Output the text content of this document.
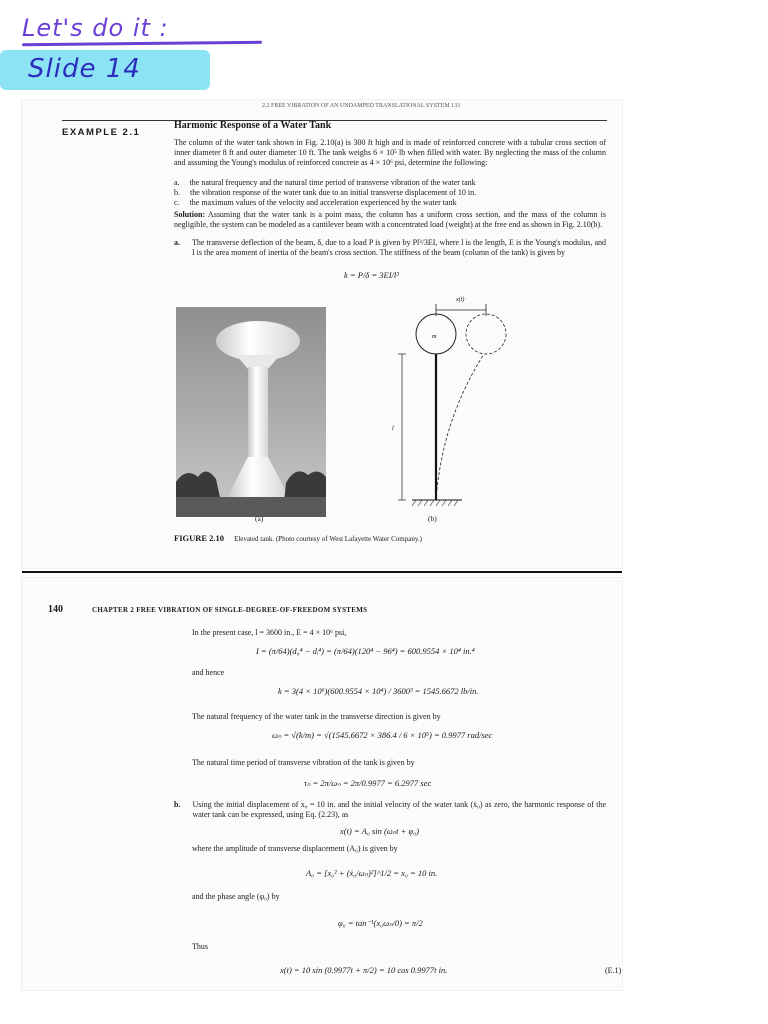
Let's do it :
Slide 14
2.2 FREE VIBRATION OF AN UNDAMPED TRANSLATIONAL SYSTEM 133
EXAMPLE 2.1
Harmonic Response of a Water Tank
The column of the water tank shown in Fig. 2.10(a) is 300 ft high and is made of reinforced concrete with a tubular cross section of inner diameter 8 ft and outer diameter 10 ft. The tank weighs 6 × 10⁵ lb when filled with water. By neglecting the mass of the column and assuming the Young's modulus of reinforced concrete as 4 × 10⁶ psi, determine the following:
a. the natural frequency and the natural time period of transverse vibration of the water tank
b. the vibration response of the water tank due to an initial transverse displacement of 10 in.
c. the maximum values of the velocity and acceleration experienced by the water tank
Solution: Assuming that the water tank is a point mass, the column has a uniform cross section, and the mass of the column is negligible, the system can be modeled as a cantilever beam with a concentrated load (weight) at the free end as shown in Fig. 2.10(b).
a. The transverse deflection of the beam, δ, due to a load P is given by Pl³/3EI, where l is the length, E is the Young's modulus, and I is the area moment of inertia of the beam's cross section. The stiffness of the beam (column of the tank) is given by
k = P/δ = 3EI/l³
(a)
x(t)
m
l
(b)
FIGURE 2.10 Elevated tank. (Photo courtesy of West Lafayette Water Company.)
140	CHAPTER 2 FREE VIBRATION OF SINGLE-DEGREE-OF-FREEDOM SYSTEMS
In the present case, l = 3600 in., E = 4 × 10⁶ psi,
I = (π/64)(d₀⁴ − dᵢ⁴) = (π/64)(120⁴ − 96⁴) = 600.9554 × 10⁴ in.⁴
and hence
k = 3(4 × 10⁶)(600.9554 × 10⁴) / 3600³ = 1545.6672 lb/in.
The natural frequency of the water tank in the transverse direction is given by
ωₙ = √(k/m) = √(1545.6672 × 386.4 / 6 × 10⁵) = 0.9977 rad/sec
The natural time period of transverse vibration of the tank is given by
τₙ = 2π/ωₙ = 2π/0.9977 = 6.2977 sec
b. Using the initial displacement of x₀ = 10 in. and the initial velocity of the water tank (ẋ₀) as zero, the harmonic response of the water tank can be expressed, using Eq. (2.23), as
x(t) = A₀ sin (ωₙt + φ₀)
where the amplitude of transverse displacement (A₀) is given by
A₀ = [x₀² + (ẋ₀/ωₙ)²]^1/2 = x₀ = 10 in.
and the phase angle (φ₀) by
φ₀ = tan⁻¹(x₀ωₙ/0) = π/2
Thus
x(t) = 10 sin (0.9977t + π/2) = 10 cos 0.9977t in.	(E.1)
